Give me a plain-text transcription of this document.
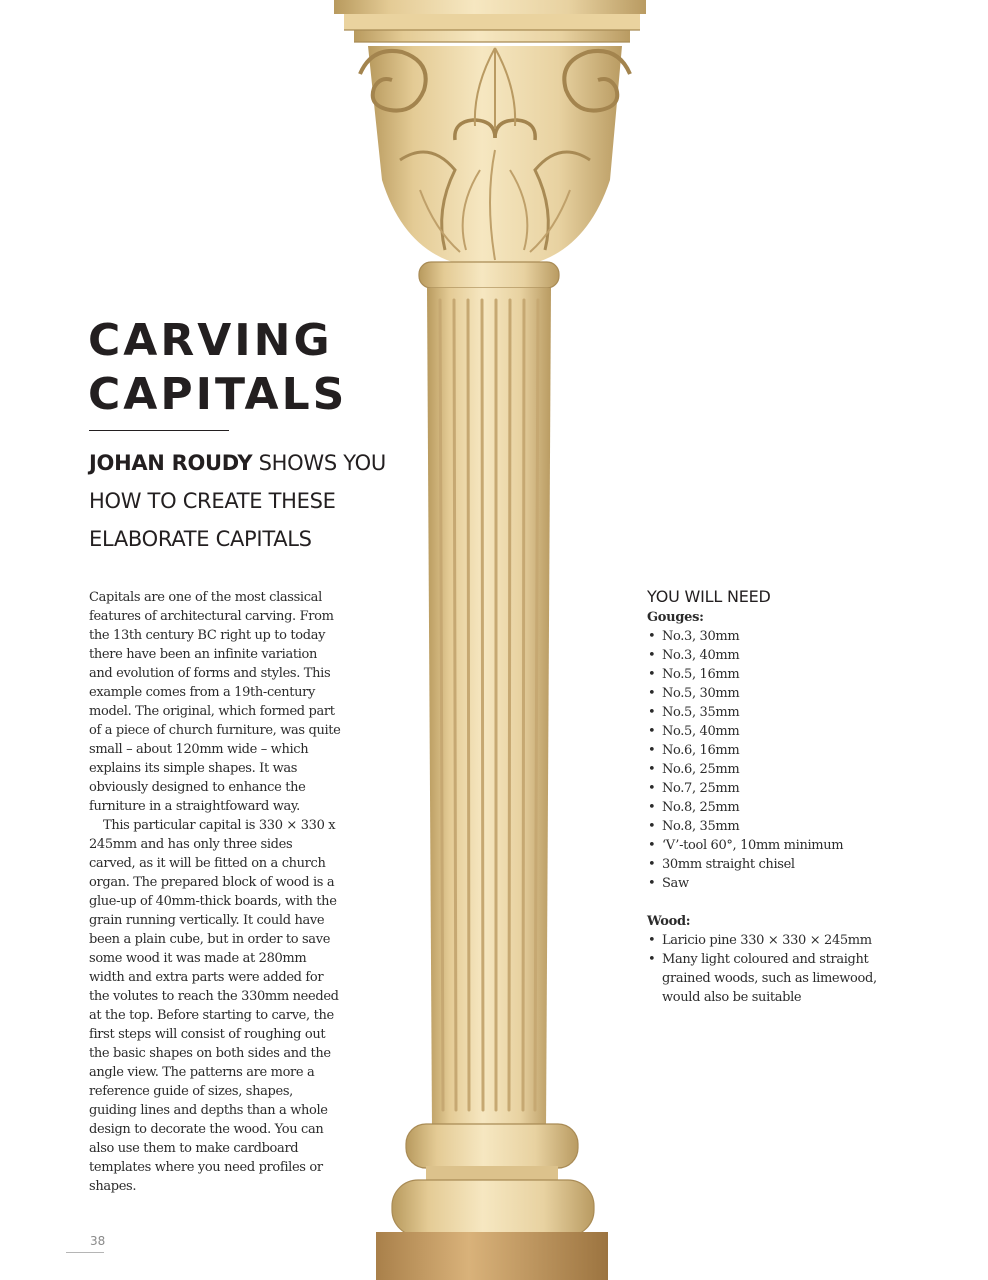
CARVING
CAPITALS
JOHAN ROUDY SHOWS YOU HOW TO CREATE THESE ELABORATE CAPITALS

Capitals are one of the most classical features of architectural carving. From the 13th century BC right up to today there have been an infinite variation and evolution of forms and styles. This example comes from a 19th-century model. The original, which formed part of a piece of church furniture, was quite small – about 120mm wide – which explains its simple shapes. It was obviously designed to enhance the furniture in a straightfoward way.

This particular capital is 330 × 330 x 245mm and has only three sides carved, as it will be fitted on a church organ. The prepared block of wood is a glue-up of 40mm-thick boards, with the grain running vertically. It could have been a plain cube, but in order to save some wood it was made at 280mm width and extra parts were added for the volutes to reach the 330mm needed at the top. Before starting to carve, the first steps will consist of roughing out the basic shapes on both sides and the angle view. The patterns are more a reference guide of sizes, shapes, guiding lines and depths than a whole design to decorate the wood. You can also use them to make cardboard templates where you need profiles or shapes.

YOU WILL NEED

Gouges:

• No.3, 30mm
• No.3, 40mm
• No.5, 16mm
• No.5, 30mm
• No.5, 35mm
• No.5, 40mm
• No.6, 16mm
• No.6, 25mm
• No.7, 25mm
• No.8, 25mm
• No.8, 35mm
• ‘V’-tool 60°, 10mm minimum
• 30mm straight chisel
• Saw

Wood:

• Laricio pine 330 × 330 × 245mm
• Many light coloured and straight grained woods, such as limewood, would also be suitable
38
